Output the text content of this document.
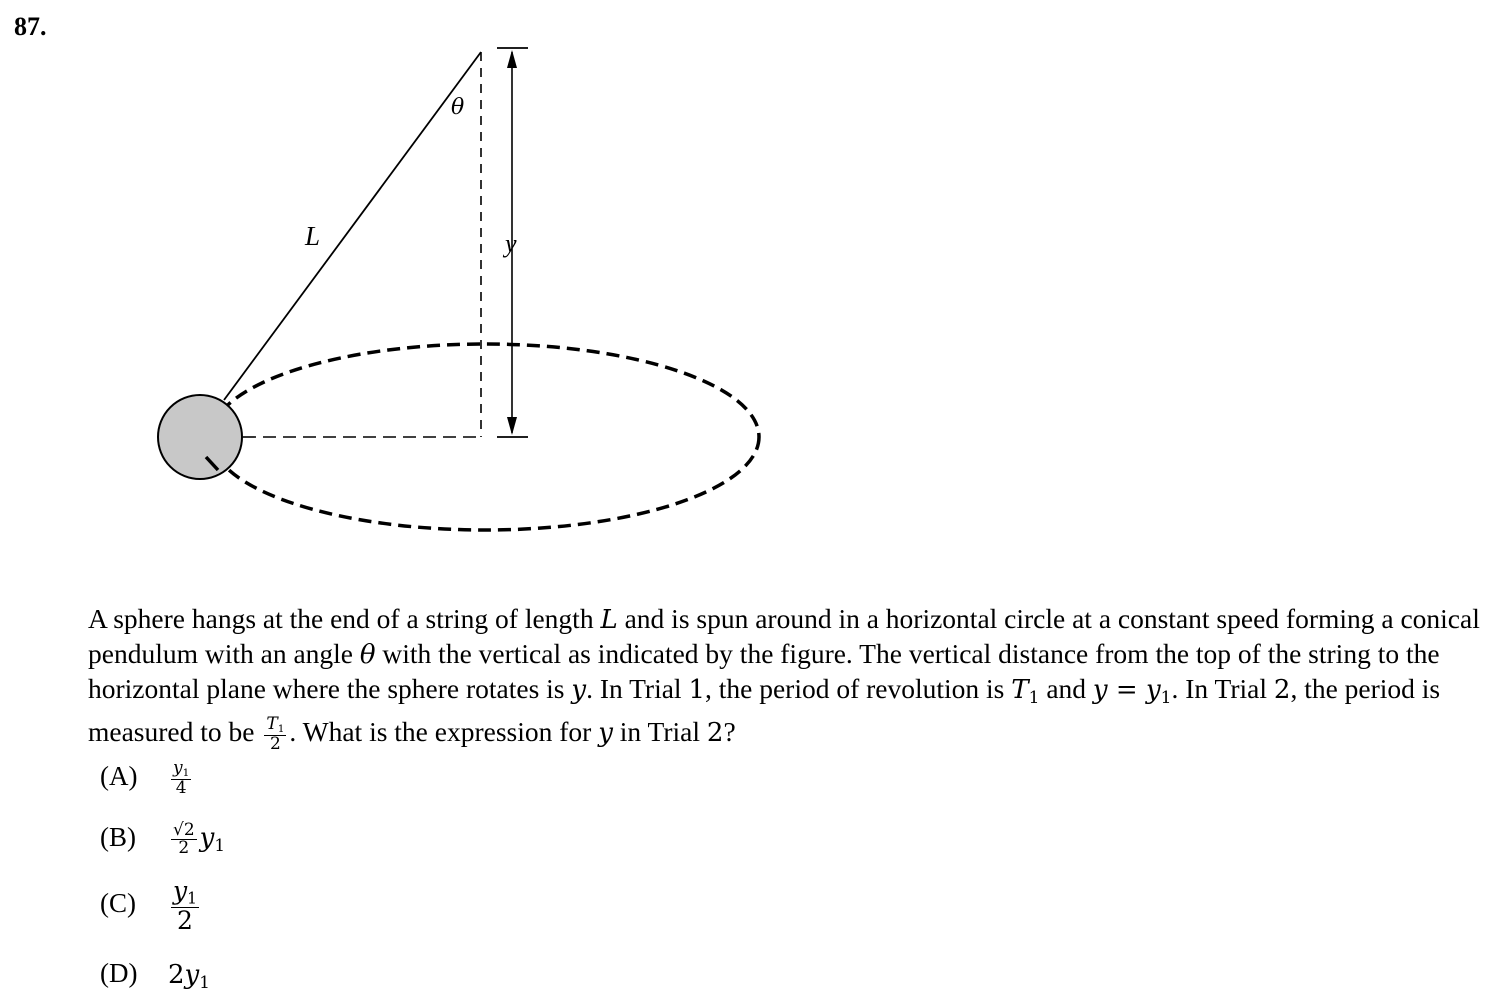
87.
θ
L	y

A sphere hangs at the end of a string of length L and is spun around in a horizontal circle at a constant speed forming a conical pendulum with an angle θ with the vertical as indicated by the figure. The vertical distance from the top of the string to the horizontal plane where the sphere rotates is y. In Trial 1, the period of revolution is $T_1$ and $y = y_1$. In Trial 2, the period is measured to be $\frac{T_1}{2}$ . What is the expression for y in Trial 2?

$(A) \frac{y_1}{4}$
$(B) \frac{√2}{2} y_1$
$(C) \frac{y_1}{2}$
(D) $2y_1$
